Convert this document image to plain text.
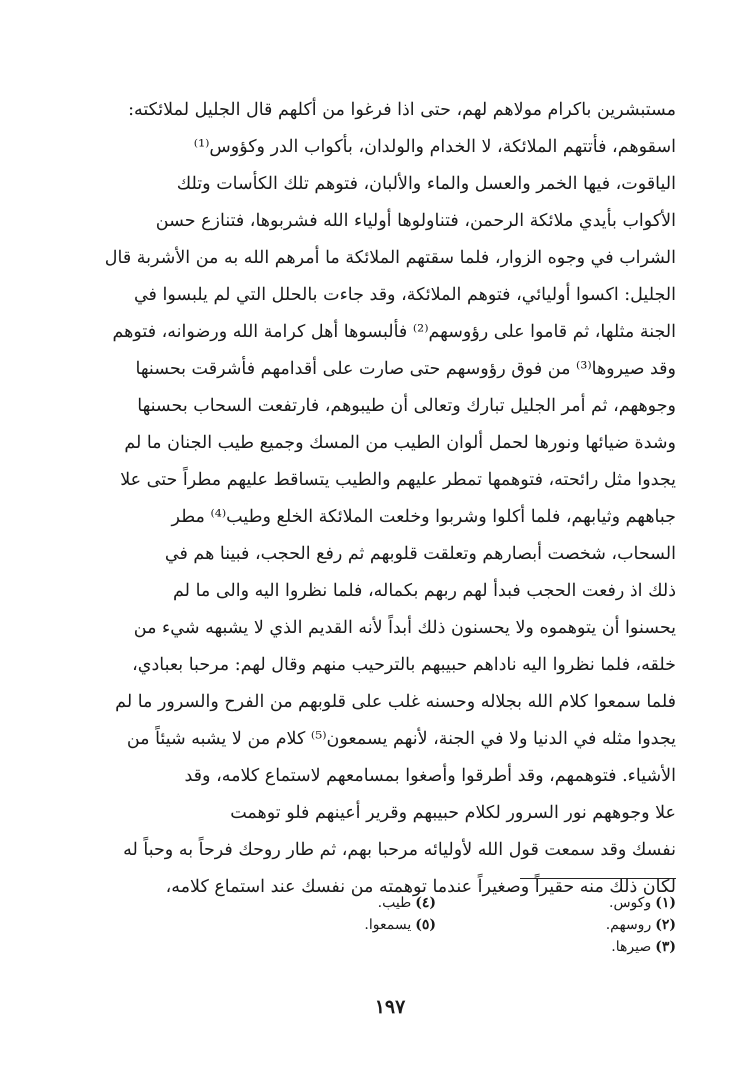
مستبشرين باكرام مولاهم لهم، حتى اذا فرغوا من أكلهم قال الجليل لملائكته:
اسقوهم، فأتتهم الملائكة، لا الخدام والولدان، بأكواب الدر وكؤوس⁽¹⁾
الياقوت، فيها الخمر والعسل والماء والألبان، فتوهم تلك الكأسات وتلك
الأكواب بأيدي ملائكة الرحمن، فتناولوها أولياء الله فشربوها، فتنازع حسن
الشراب في وجوه الزوار، فلما سقتهم الملائكة ما أمرهم الله به من الأشربة قال
الجليل: اكسوا أوليائي، فتوهم الملائكة، وقد جاءت بالحلل التي لم يلبسوا في
الجنة مثلها، ثم قاموا على رؤوسهم⁽²⁾ فألبسوها أهل كرامة الله ورضوانه، فتوهم
وقد صيروها⁽³⁾ من فوق رؤوسهم حتى صارت على أقدامهم فأشرقت بحسنها
وجوههم، ثم أمر الجليل تبارك وتعالى أن طيبوهم، فارتفعت السحاب بحسنها
وشدة ضيائها ونورها لحمل ألوان الطيب من المسك وجميع طيب الجنان ما لم
يجدوا مثل رائحته، فتوهمها تمطر عليهم والطيب يتساقط عليهم مطراً حتى علا
جباههم وثيابهم، فلما أكلوا وشربوا وخلعت الملائكة الخلع وطيب⁽⁴⁾ مطر
السحاب، شخصت أبصارهم وتعلقت قلوبهم ثم رفع الحجب، فبينا هم في
ذلك اذ رفعت الحجب فبدأ لهم ربهم بكماله، فلما نظروا اليه والى ما لم
يحسنوا أن يتوهموه ولا يحسنون ذلك أبداً لأنه القديم الذي لا يشبهه شيء من
خلقه، فلما نظروا اليه ناداهم حبيبهم بالترحيب منهم وقال لهم: مرحبا بعبادي،
فلما سمعوا كلام الله بجلاله وحسنه غلب على قلوبهم من الفرح والسرور ما لم
يجدوا مثله في الدنيا ولا في الجنة، لأنهم يسمعون⁽⁵⁾ كلام من لا يشبه شيئاً من
الأشياء. فتوهمهم، وقد أطرقوا وأصغوا بمسامعهم لاستماع كلامه، وقد
علا وجوههم نور السرور لكلام حبيبهم وقرير أعينهم فلو توهمت
نفسك وقد سمعت قول الله لأوليائه مرحبا بهم، ثم طار روحك فرحاً به وحباً له
لكان ذلك منه حقيراً وصغيراً عندما توهمته من نفسك عند استماع كلامه،
(١)وكوس.
(٢)روسهم.
(٣)صيرها.
(٤)طيب.
(٥)يسمعوا.
١٩٧
